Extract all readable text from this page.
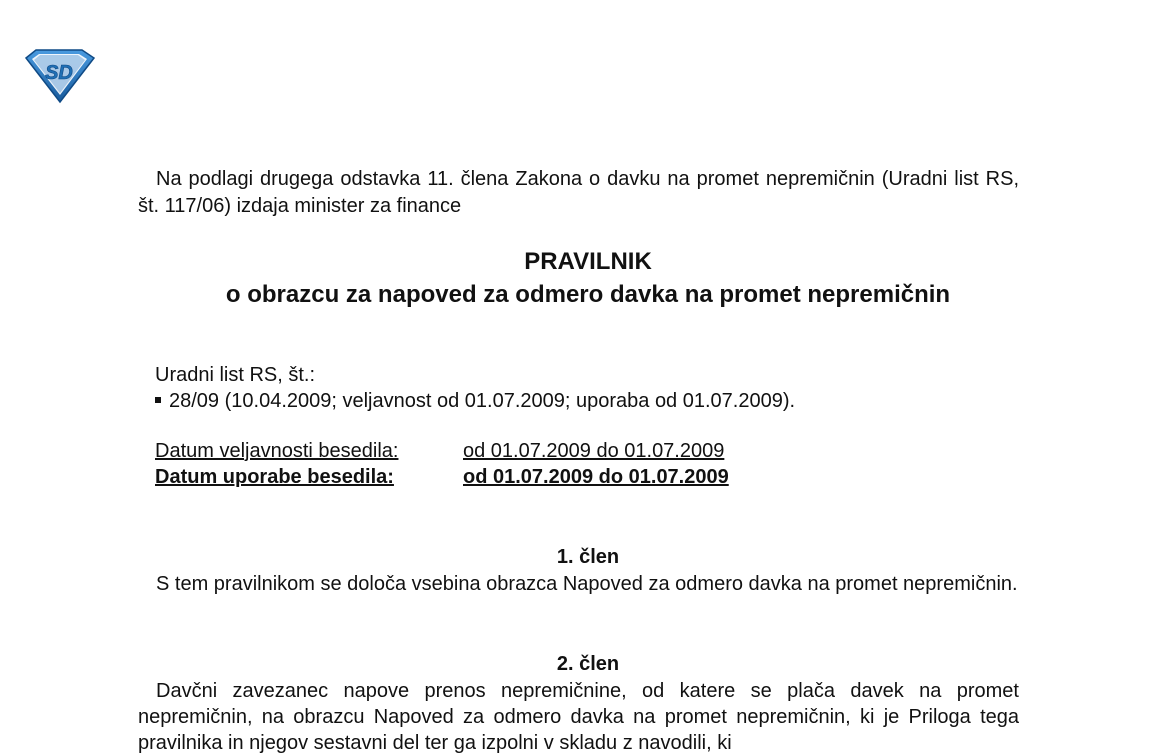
SD

Na podlagi drugega odstavka 11. člena Zakona o davku na promet nepremičnin (Uradni list RS, št. 117/06) izdaja minister za finance

PRAVILNIK
o obrazcu za napoved za odmero davka na promet nepremičnin
Uradni list RS, št.:
28/09 (10.04.2009; veljavnost od 01.07.2009; uporaba od 01.07.2009).
Datum veljavnosti besedila:	od 01.07.2009 do 01.07.2009
Datum uporabe besedila:	od 01.07.2009 do 01.07.2009
1. člen

S tem pravilnikom se določa vsebina obrazca Napoved za odmero davka na promet nepremičnin.

2. člen

Davčni zavezanec napove prenos nepremičnine, od katere se plača davek na promet nepremičnin, na obrazcu Napoved za odmero davka na promet nepremičnin, ki je Priloga tega pravilnika in njegov sestavni del ter ga izpolni v skladu z navodili, ki
